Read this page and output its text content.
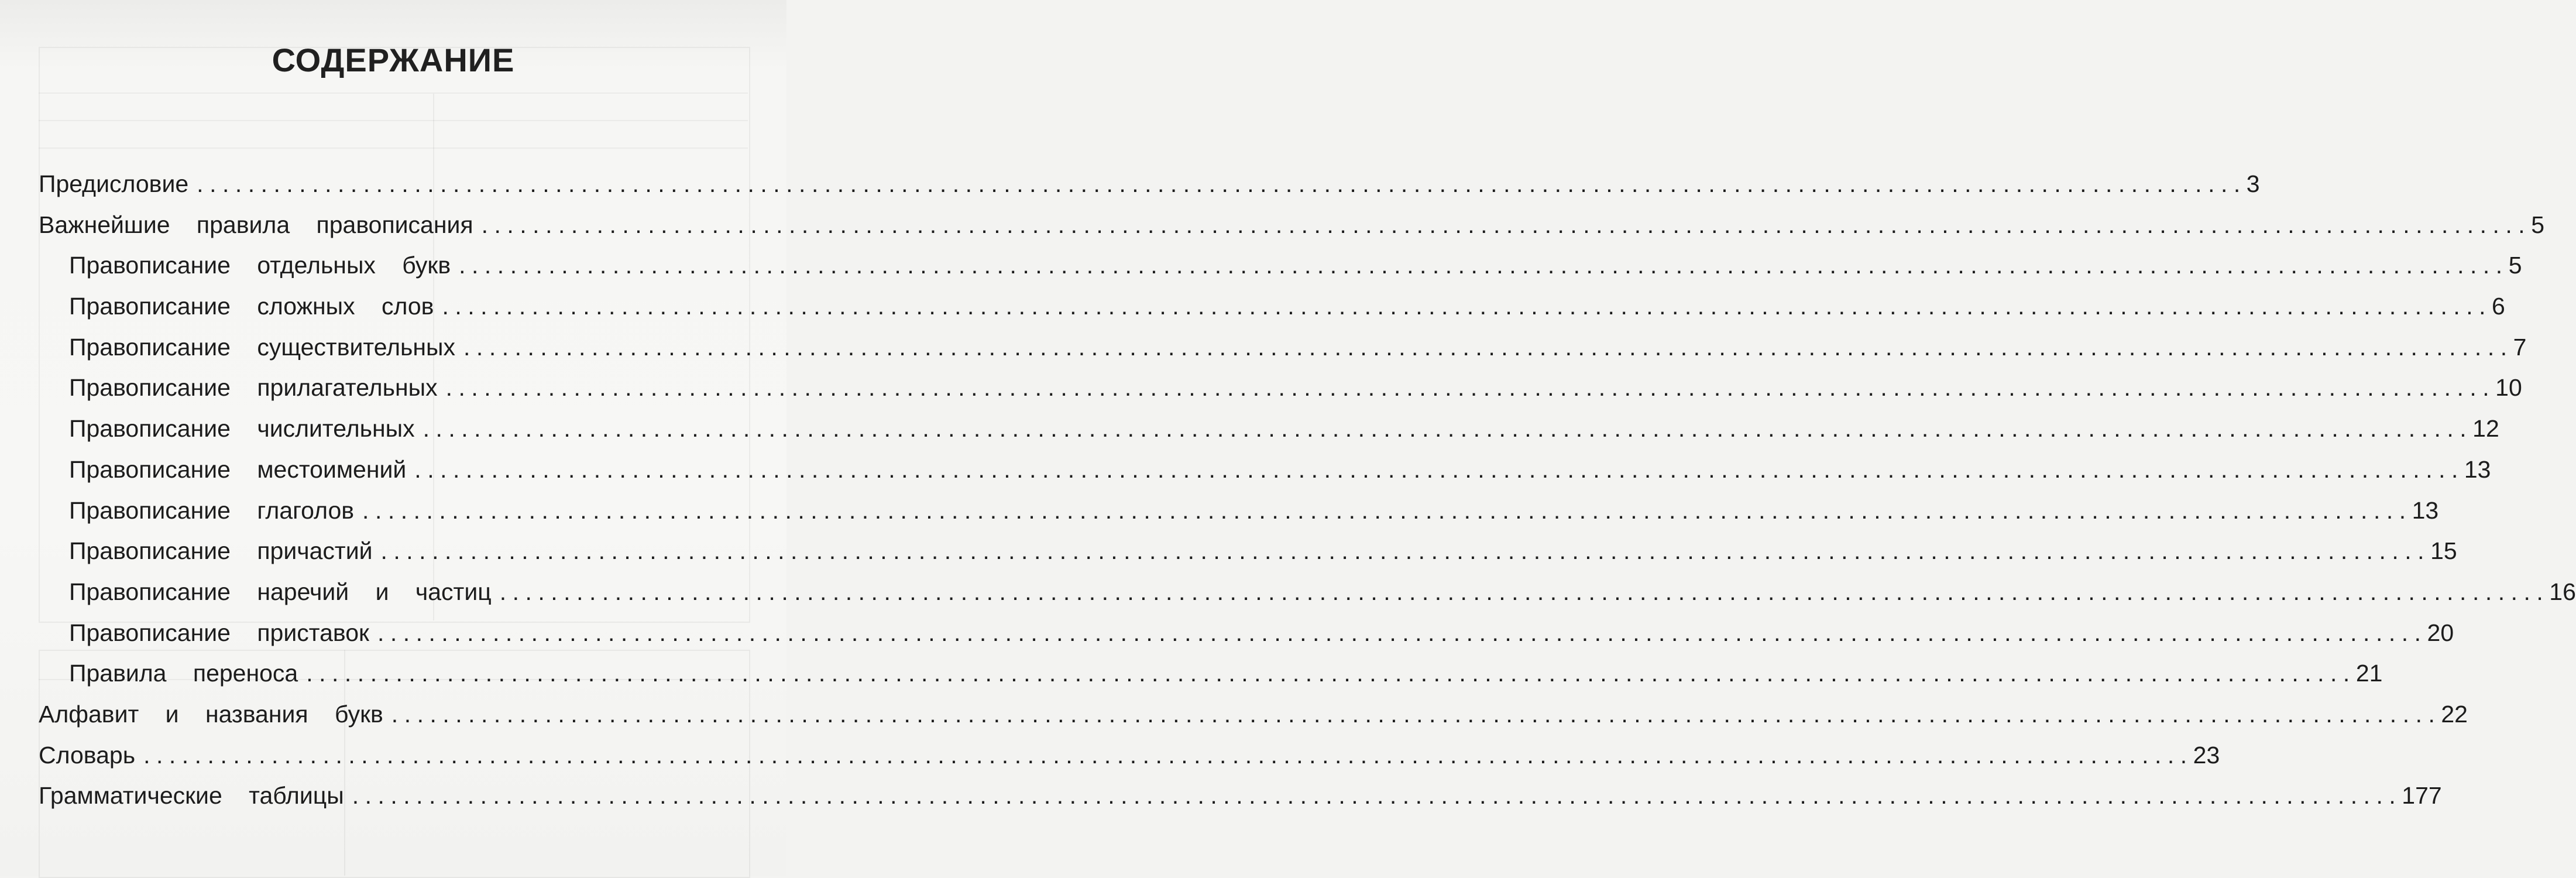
СОДЕРЖАНИЕ
Предисловие ................................................................................................................................................................ 3
Важнейшие правила правописания ................................................................................................................................................................ 5
Правописание отдельных букв ................................................................................................................................................................ 5
Правописание сложных слов ................................................................................................................................................................ 6
Правописание существительных ................................................................................................................................................................ 7
Правописание прилагательных ................................................................................................................................................................ 10
Правописание числительных ................................................................................................................................................................ 12
Правописание местоимений ................................................................................................................................................................ 13
Правописание глаголов ................................................................................................................................................................ 13
Правописание причастий ................................................................................................................................................................ 15
Правописание наречий и частиц ................................................................................................................................................................ 16
Правописание приставок ................................................................................................................................................................ 20
Правила переноса ................................................................................................................................................................ 21
Алфавит и названия букв ................................................................................................................................................................ 22
Словарь ................................................................................................................................................................ 23
Грамматические таблицы ................................................................................................................................................................ 177
